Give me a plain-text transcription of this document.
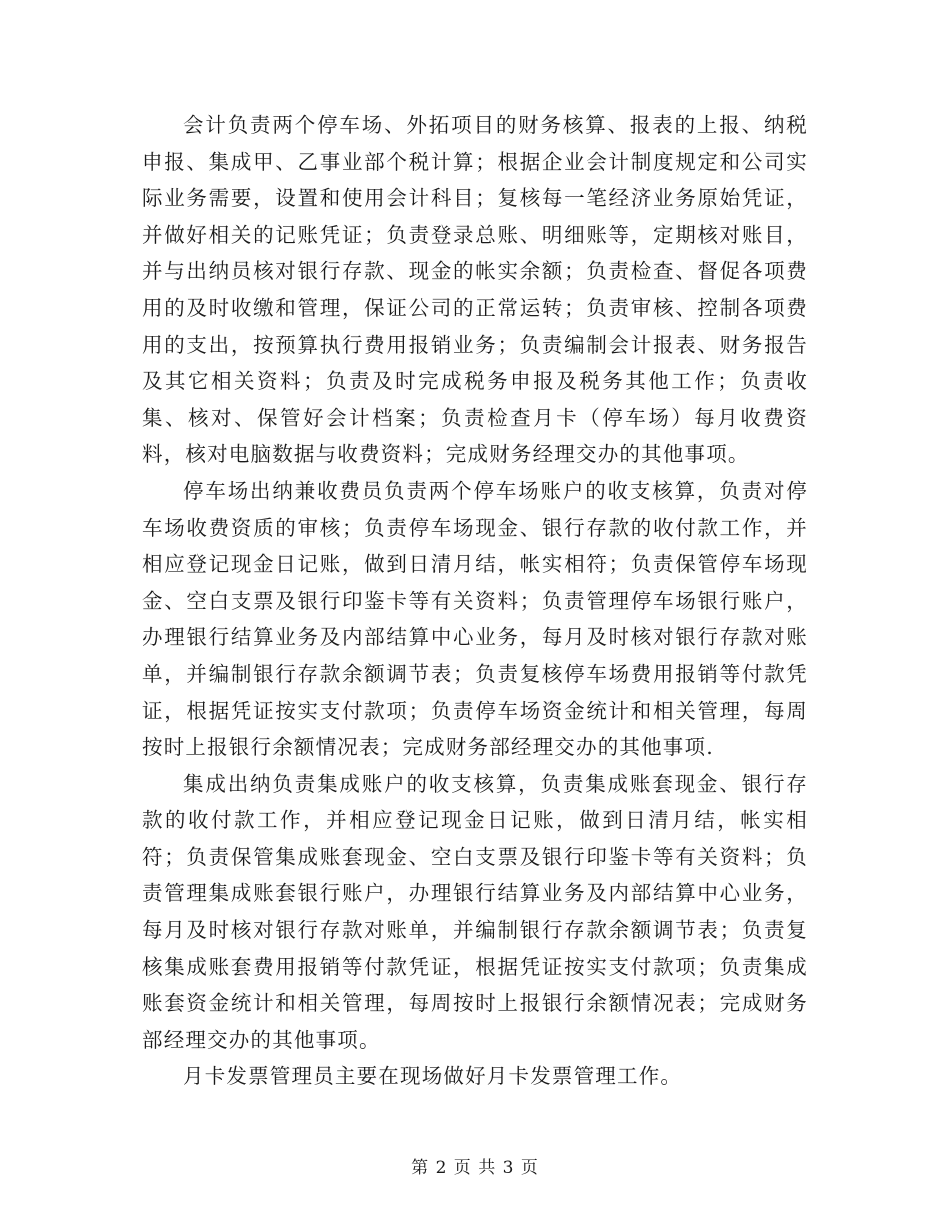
会计负责两个停车场、外拓项目的财务核算、报表的上报、纳税申报、集成甲、乙事业部个税计算；根据企业会计制度规定和公司实际业务需要，设置和使用会计科目；复核每一笔经济业务原始凭证，并做好相关的记账凭证；负责登录总账、明细账等，定期核对账目，并与出纳员核对银行存款、现金的帐实余额；负责检查、督促各项费用的及时收缴和管理，保证公司的正常运转；负责审核、控制各项费用的支出，按预算执行费用报销业务；负责编制会计报表、财务报告及其它相关资料；负责及时完成税务申报及税务其他工作；负责收集、核对、保管好会计档案；负责检查月卡（停车场）每月收费资料，核对电脑数据与收费资料；完成财务经理交办的其他事项。

停车场出纳兼收费员负责两个停车场账户的收支核算，负责对停车场收费资质的审核；负责停车场现金、银行存款的收付款工作，并相应登记现金日记账，做到日清月结，帐实相符；负责保管停车场现金、空白支票及银行印鉴卡等有关资料；负责管理停车场银行账户，办理银行结算业务及内部结算中心业务，每月及时核对银行存款对账单，并编制银行存款余额调节表；负责复核停车场费用报销等付款凭证，根据凭证按实支付款项；负责停车场资金统计和相关管理，每周按时上报银行余额情况表；完成财务部经理交办的其他事项.

集成出纳负责集成账户的收支核算，负责集成账套现金、银行存款的收付款工作，并相应登记现金日记账，做到日清月结，帐实相符；负责保管集成账套现金、空白支票及银行印鉴卡等有关资料；负责管理集成账套银行账户，办理银行结算业务及内部结算中心业务，每月及时核对银行存款对账单，并编制银行存款余额调节表；负责复核集成账套费用报销等付款凭证，根据凭证按实支付款项；负责集成账套资金统计和相关管理，每周按时上报银行余额情况表；完成财务部经理交办的其他事项。

月卡发票管理员主要在现场做好月卡发票管理工作。

第 2 页 共 3 页
